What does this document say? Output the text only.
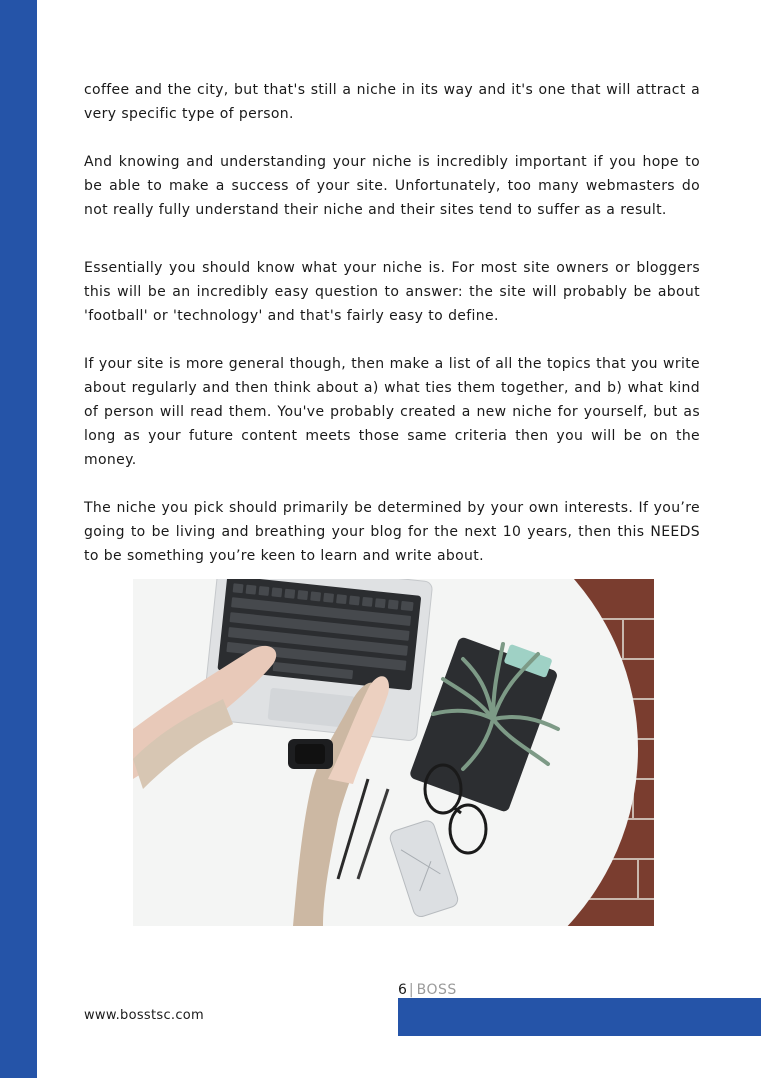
coffee and the city, but that's still a niche in its way and it's one that will attract a very specific type of person.

And knowing and understanding your niche is incredibly important if you hope to be able to make a success of your site. Unfortunately, too many webmasters do not really fully understand their niche and their sites tend to suffer as a result.

Essentially you should know what your niche is. For most site owners or bloggers this will be an incredibly easy question to answer: the site will probably be about 'football' or 'technology' and that's fairly easy to define.

If your site is more general though, then make a list of all the topics that you write about regularly and then think about a) what ties them together, and b) what kind of person will read them. You've probably created a new niche for yourself, but as long as your future content meets those same criteria then you will be on the money.

The niche you pick should primarily be determined by your own interests. If you’re going to be living and breathing your blog for the next 10 years, then this NEEDS to be something you’re keen to learn and write about.

6 | BOSS
www.bosstsc.com
